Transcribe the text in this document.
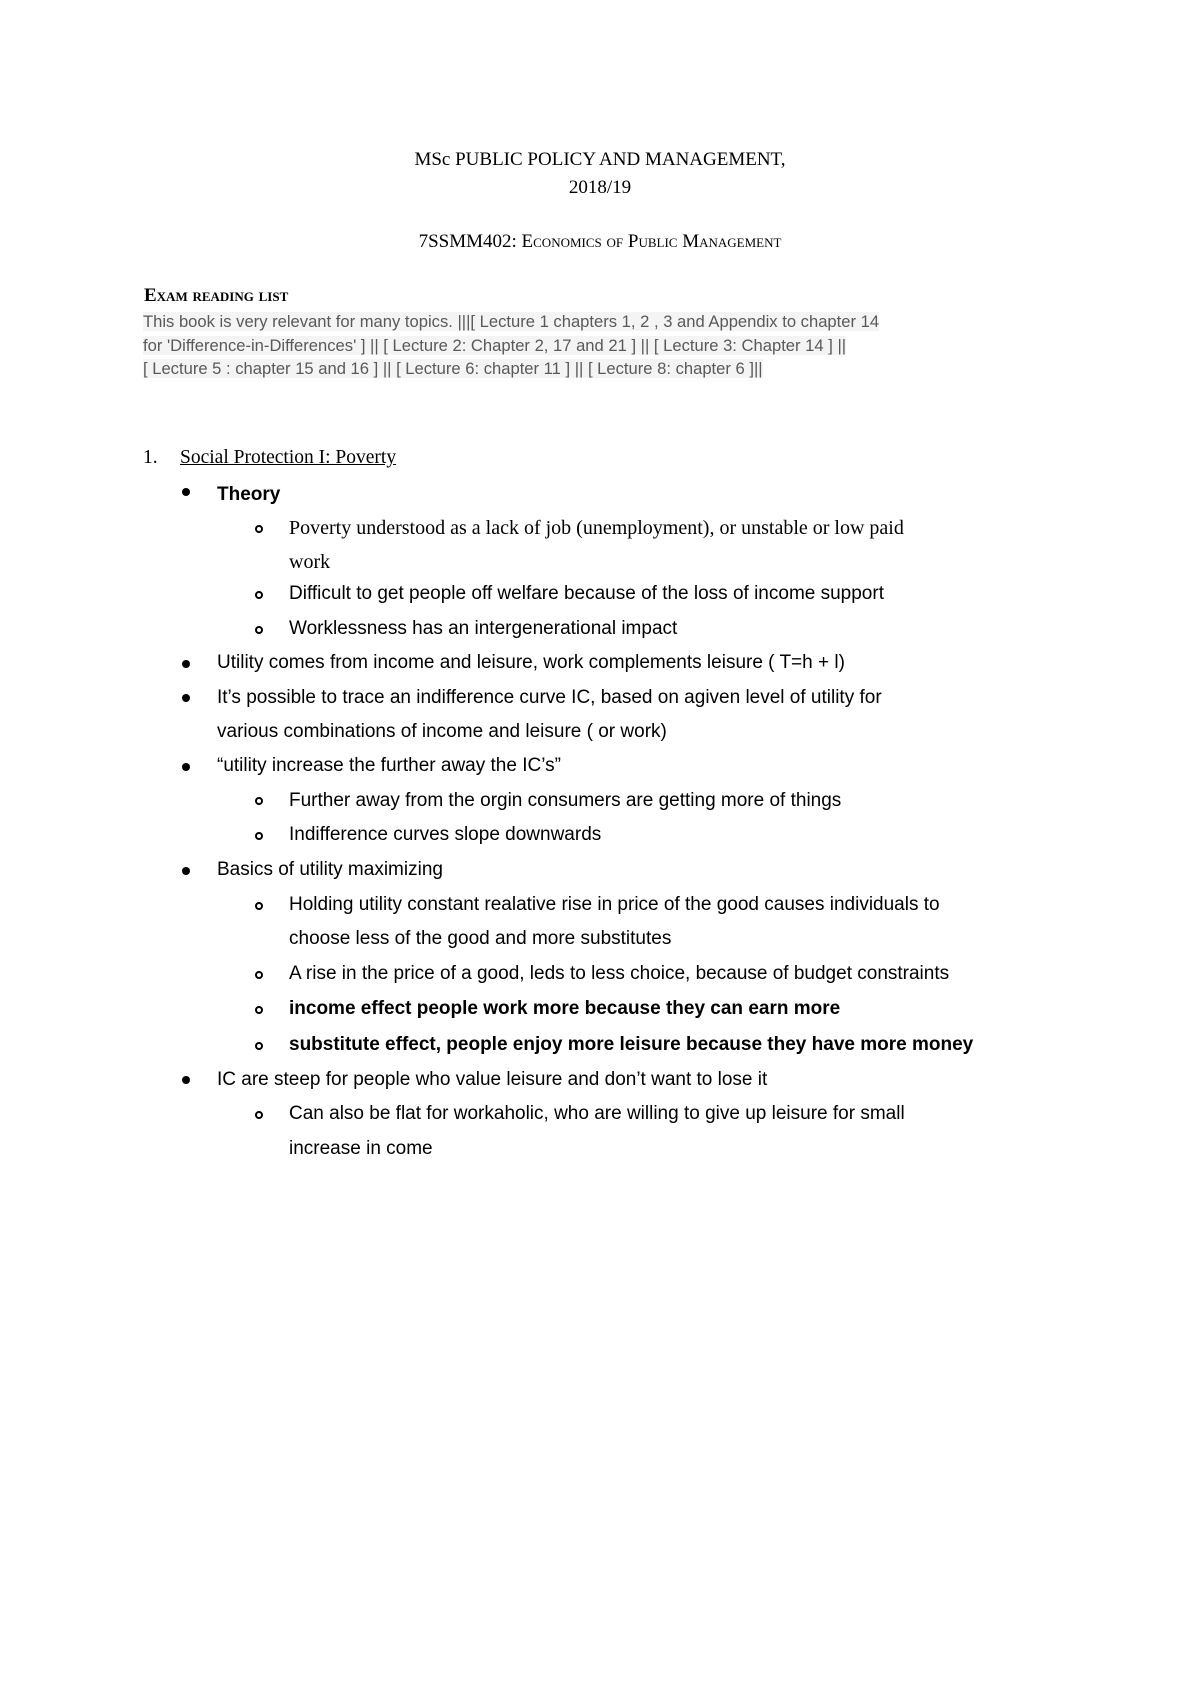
MSc PUBLIC POLICY AND MANAGEMENT,
2018/19
7SSMM402: Economics of Public Management
Exam reading list
This book is very relevant for many topics. |||[ Lecture 1 chapters 1, 2 , 3 and Appendix to chapter 14
for 'Difference-in-Differences' ] || [ Lecture 2: Chapter 2, 17 and 21 ] || [ Lecture 3: Chapter 14 ] ||
[ Lecture 5 : chapter 15 and 16 ] || [ Lecture 6: chapter 11 ] || [ Lecture 8: chapter 6 ]||
1. Social Protection I: Poverty
Theory
Poverty understood as a lack of job (unemployment), or unstable or low paid
work
Difficult to get people off welfare because of the loss of income support
Worklessness has an intergenerational impact
Utility comes from income and leisure, work complements leisure ( T=h + l)
It’s possible to trace an indifference curve IC, based on agiven level of utility for
various combinations of income and leisure ( or work)
“utility increase the further away the IC’s”
Further away from the orgin consumers are getting more of things
Indifference curves slope downwards
Basics of utility maximizing
Holding utility constant realative rise in price of the good causes individuals to
choose less of the good and more substitutes
A rise in the price of a good, leds to less choice, because of budget constraints
income effect people work more because they can earn more
substitute effect, people enjoy more leisure because they have more money
IC are steep for people who value leisure and don’t want to lose it
Can also be flat for workaholic, who are willing to give up leisure for small
increase in come
